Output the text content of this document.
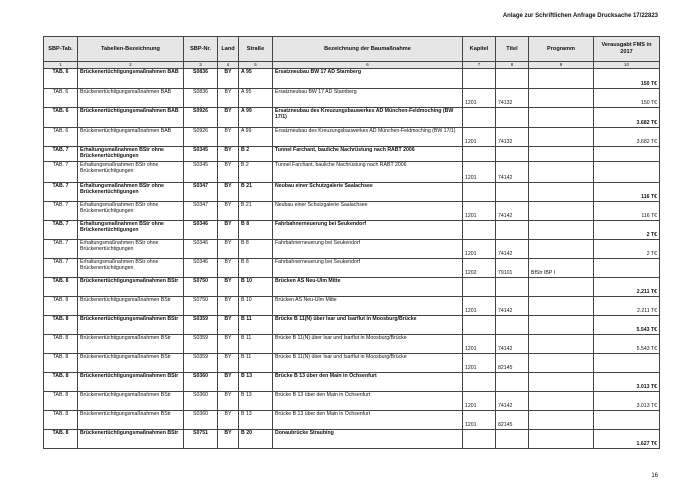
Anlage zur Schriftlichen Anfrage Drucksache 17/22823
SBP-Tab.	Tabellen-Bezeichnung	SBP-Nr.	Land	Straße	Bezeichnung der Baumaßnahme	Kapitel	Titel	Programm	Verausgabt FMS in 2017
1	2	3	4	5	6	7	8	9	10
TAB. 6	Brückenertüchtigungsmaßnahmen BAB	S0836	BY	A 95	Ersatzneubau BW 17 AD Starnberg				150 T€

TAB. 6	Brückenertüchtigungsmaßnahmen BAB	S0836	BY	A 95	Ersatzneubau BW 17 AD Starnberg	1201	74132		150 T€

TAB. 6	Brückenertüchtigungsmaßnahmen BAB	S0926	BY	A 99	Ersatzneubau des Kreuzungsbauwerkes AD München-Feldmoching (BW 17/1)				3.682 T€

TAB. 6	Brückenertüchtigungsmaßnahmen BAB	S0926	BY	A 99	Ersatzneubau des Kreuzungsbauwerkes AD München-Feldmoching (BW 17/1)	1201	74132		3.682 T€

TAB. 7	Erhaltungsmaßnahmen BStr ohne Brückenertüchtigungen	S0345	BY	B 2	Tunnel Farchant, bauliche Nachrüstung nach RABT 2006	

TAB. 7	Erhaltungsmaßnahmen BStr ohne Brückenertüchtigungen	S0345	BY	B 2	Tunnel Farchant, bauliche Nachrüstung nach RABT 2006	1201	74142		

TAB. 7	Erhaltungsmaßnahmen BStr ohne Brückenertüchtigungen	S0347	BY	B 21	Neubau einer Schutzgalerie Saalachsee				116 T€

TAB. 7	Erhaltungsmaßnahmen BStr ohne Brückenertüchtigungen	S0347	BY	B 21	Neubau einer Schutzgalerie Saalachsee	1201	74142		116 T€

TAB. 7	Erhaltungsmaßnahmen BStr ohne Brückenertüchtigungen	S0346	BY	B 8	Fahrbahnerneuerung bei Seukendorf				2 T€

TAB. 7	Erhaltungsmaßnahmen BStr ohne Brückenertüchtigungen	S0346	BY	B 8	Fahrbahnerneuerung bei Seukendorf	1201	74142		2 T€

TAB. 7	Erhaltungsmaßnahmen BStr ohne Brückenertüchtigungen	S0346	BY	B 8	Fahrbahnerneuerung bei Seukendorf	1202	79101	BfStr IBP I	

TAB. 8	Brückenertüchtigungsmaßnahmen BStr	S0750	BY	B 10	Brücken AS Neu-Ulm Mitte				2.211 T€

TAB. 8	Brückenertüchtigungsmaßnahmen BStr	S0750	BY	B 10	Brücken AS Neu-Ulm Mitte	1201	74142		2.211 T€

TAB. 8	Brückenertüchtigungsmaßnahmen BStr	S0359	BY	B 11	Brücke B 11(N) über Isar und Isarflut in Moosburg/Brücke				5.543 T€

TAB. 8	Brückenertüchtigungsmaßnahmen BStr	S0359	BY	B 11	Brücke B 11(N) über Isar und Isarflut in Moosburg/Brücke	1201	74142		5.543 T€

TAB. 8	Brückenertüchtigungsmaßnahmen BStr	S0359	BY	B 11	Brücke B 11(N) über Isar und Isarflut in Moosburg/Brücke	1201	82145		

TAB. 8	Brückenertüchtigungsmaßnahmen BStr	S0360	BY	B 13	Brücke B 13 über den Main in Ochsenfurt				3.013 T€

TAB. 8	Brückenertüchtigungsmaßnahmen BStr	S0360	BY	B 13	Brücke B 13 über den Main in Ochsenfurt	1201	74142		3.013 T€

TAB. 8	Brückenertüchtigungsmaßnahmen BStr	S0360	BY	B 13	Brücke B 13 über den Main in Ochsenfurt	1201	82145		

TAB. 8	Brückenertüchtigungsmaßnahmen BStr	S0751	BY	B 20	Donaubrücke Straubing				1.627 T€
16
